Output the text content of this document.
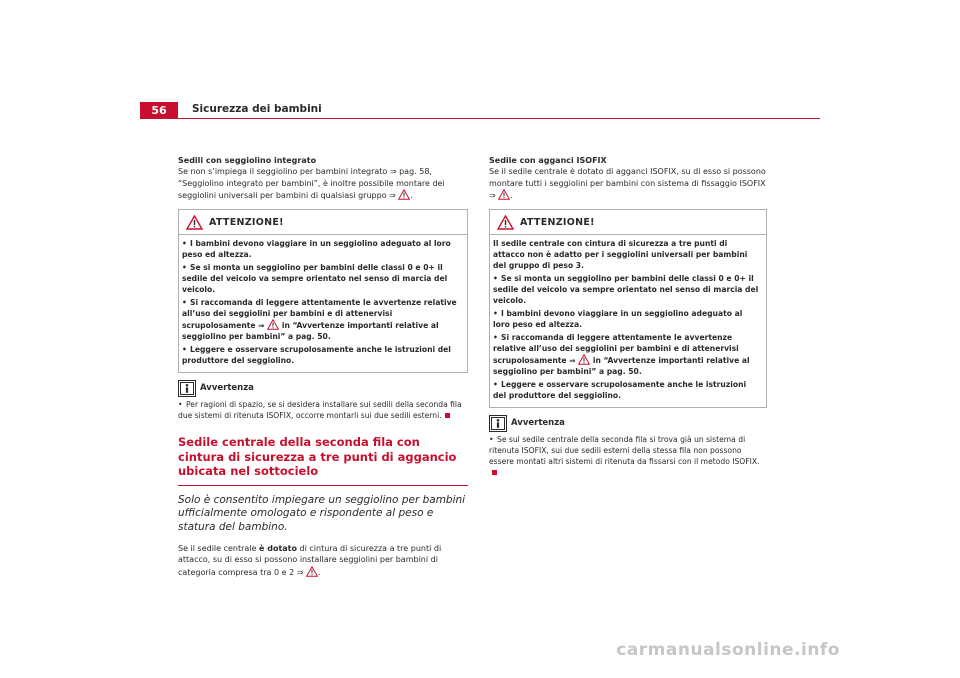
56	Sicurezza dei bambini

Sedili con seggiolino integrato

Se non s’impiega il seggiolino per bambini integrato ⇒ pag. 58, “Seggiolino integrato per bambini”, è inoltre possibile montare dei seggiolini universali per bambini di qualsiasi gruppo ⇒ .

ATTENZIONE!

• I bambini devono viaggiare in un seggiolino adeguato al loro peso ed altezza.

• Se si monta un seggiolino per bambini delle classi 0 e 0+ il sedile del veicolo va sempre orientato nel senso di marcia del veicolo.

• Si raccomanda di leggere attentamente le avvertenze relative all’uso dei seggiolini per bambini e di attenervisi scrupolosamente ⇒ in “Avvertenze importanti relative al seggiolino per bambini” a pag. 50.

• Leggere e osservare scrupolosamente anche le istruzioni del produttore del seggiolino.

Avvertenza

• Per ragioni di spazio, se si desidera installare sui sedili della seconda fila due sistemi di ritenuta ISOFIX, occorre montarli sui due sedili esterni.

Sedile centrale della seconda fila con cintura di sicurezza a tre punti di aggancio ubicata nel sottocielo

Solo è consentito impiegare un seggiolino per bambini ufficialmente omologato e rispondente al peso e statura del bambino.

Se il sedile centrale è dotato di cintura di sicurezza a tre punti di attacco, su di esso si possono installare seggiolini per bambini di categoria compresa tra 0 e 2 ⇒ .

Sedile con agganci ISOFIX

Se il sedile centrale è dotato di agganci ISOFIX, su di esso si possono montare tutti i seggiolini per bambini con sistema di fissaggio ISOFIX ⇒ .

ATTENZIONE!

Il sedile centrale con cintura di sicurezza a tre punti di attacco non è adatto per i seggiolini universali per bambini del gruppo di peso 3.

• Se si monta un seggiolino per bambini delle classi 0 e 0+ il sedile del veicolo va sempre orientato nel senso di marcia del veicolo.

• I bambini devono viaggiare in un seggiolino adeguato al loro peso ed altezza.

• Si raccomanda di leggere attentamente le avvertenze relative all’uso dei seggiolini per bambini e di attenervisi scrupolosamente ⇒ in “Avvertenze importanti relative al seggiolino per bambini” a pag. 50.

• Leggere e osservare scrupolosamente anche le istruzioni del produttore del seggiolino.

Avvertenza

• Se sul sedile centrale della seconda fila si trova già un sistema di ritenuta ISOFIX, sui due sedili esterni della stessa fila non possono essere montati altri sistemi di ritenuta da fissarsi con il metodo ISOFIX.

carmanualsonline.info
